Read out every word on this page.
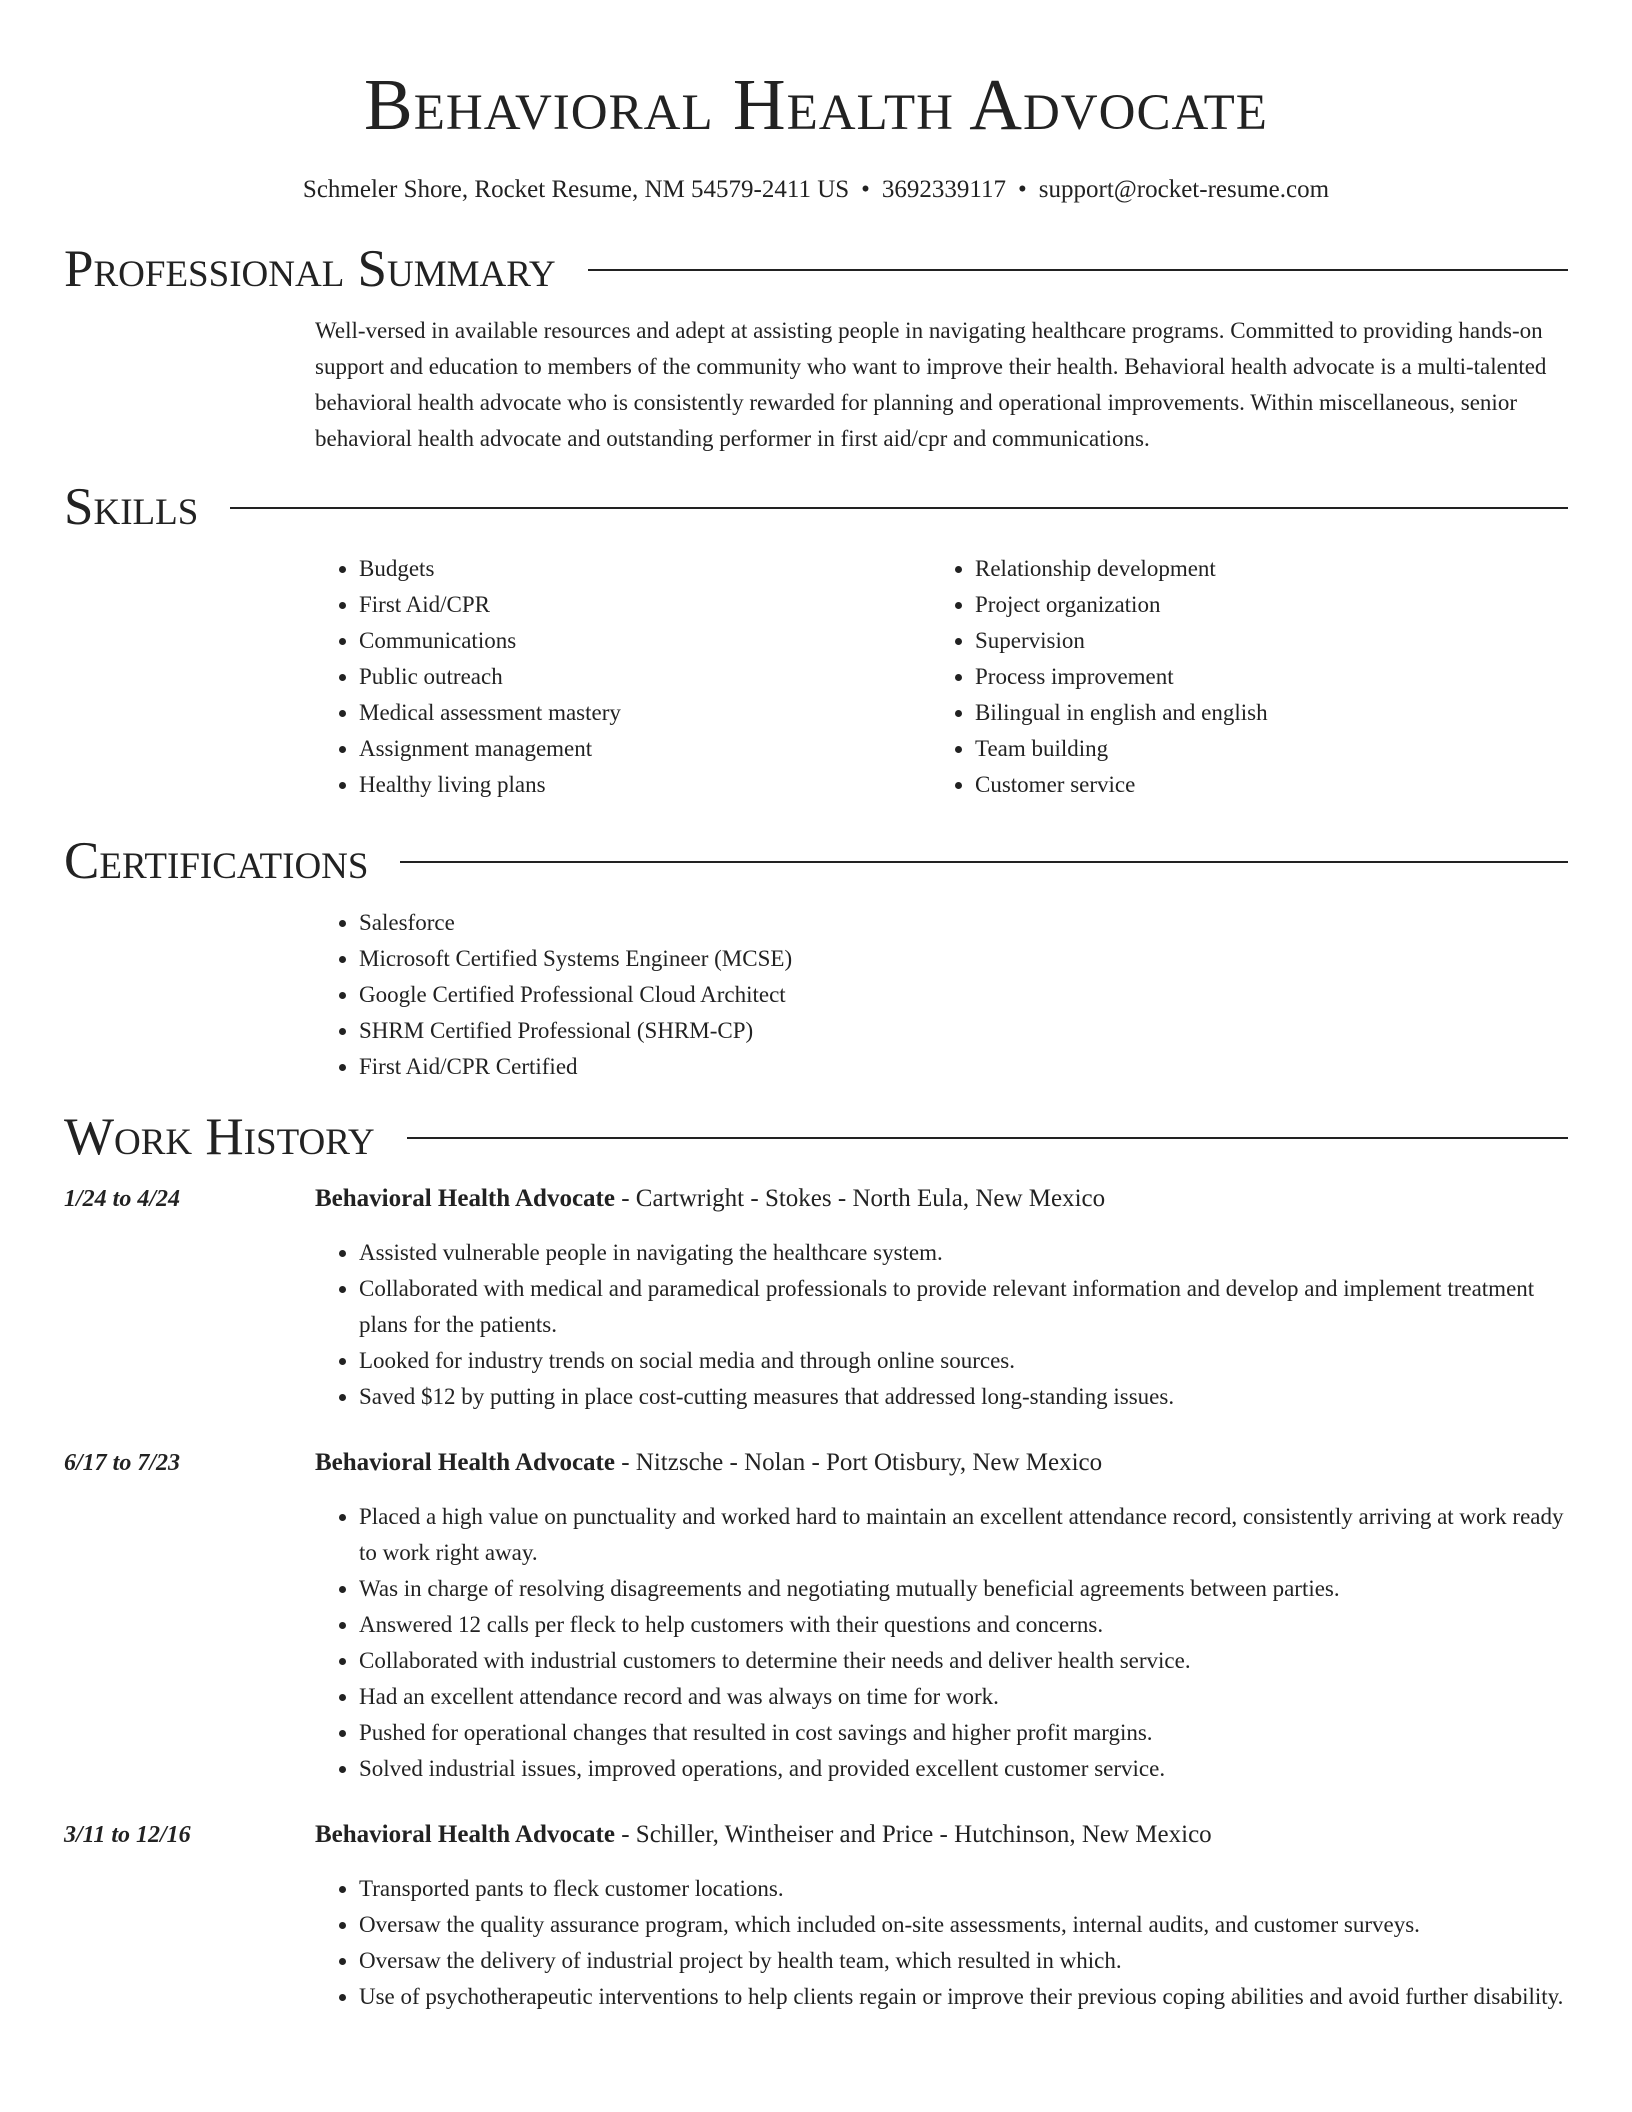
Behavioral Health Advocate
Schmeler Shore, Rocket Resume, NM 54579-2411 US • 3692339117 • support@rocket-resume.com
Professional Summary

Well-versed in available resources and adept at assisting people in navigating healthcare programs. Committed to providing hands-on support and education to members of the community who want to improve their health. Behavioral health advocate is a multi-talented behavioral health advocate who is consistently rewarded for planning and operational improvements. Within miscellaneous, senior behavioral health advocate and outstanding performer in first aid/cpr and communications.

Skills
• Budgets
• First Aid/CPR
• Communications
• Public outreach
• Medical assessment mastery
• Assignment management
• Healthy living plans
• Relationship development
• Project organization
• Supervision
• Process improvement
• Bilingual in english and english
• Team building
• Customer service
Certifications
• Salesforce
• Microsoft Certified Systems Engineer (MCSE)
• Google Certified Professional Cloud Architect
• SHRM Certified Professional (SHRM-CP)
• First Aid/CPR Certified
Work History
1/24 to 4/24	Behavioral Health Advocate - Cartwright - Stokes - North Eula, New Mexico
• Assisted vulnerable people in navigating the healthcare system.
• Collaborated with medical and paramedical professionals to provide relevant information and develop and implement treatment plans for the patients.
• Looked for industry trends on social media and through online sources.
• Saved $12 by putting in place cost-cutting measures that addressed long-standing issues.
6/17 to 7/23	Behavioral Health Advocate - Nitzsche - Nolan - Port Otisbury, New Mexico
• Placed a high value on punctuality and worked hard to maintain an excellent attendance record, consistently arriving at work ready to work right away.
• Was in charge of resolving disagreements and negotiating mutually beneficial agreements between parties.
• Answered 12 calls per fleck to help customers with their questions and concerns.
• Collaborated with industrial customers to determine their needs and deliver health service.
• Had an excellent attendance record and was always on time for work.
• Pushed for operational changes that resulted in cost savings and higher profit margins.
• Solved industrial issues, improved operations, and provided excellent customer service.
3/11 to 12/16	Behavioral Health Advocate - Schiller, Wintheiser and Price - Hutchinson, New Mexico
• Transported pants to fleck customer locations.
• Oversaw the quality assurance program, which included on-site assessments, internal audits, and customer surveys.
• Oversaw the delivery of industrial project by health team, which resulted in which.
• Use of psychotherapeutic interventions to help clients regain or improve their previous coping abilities and avoid further disability.
